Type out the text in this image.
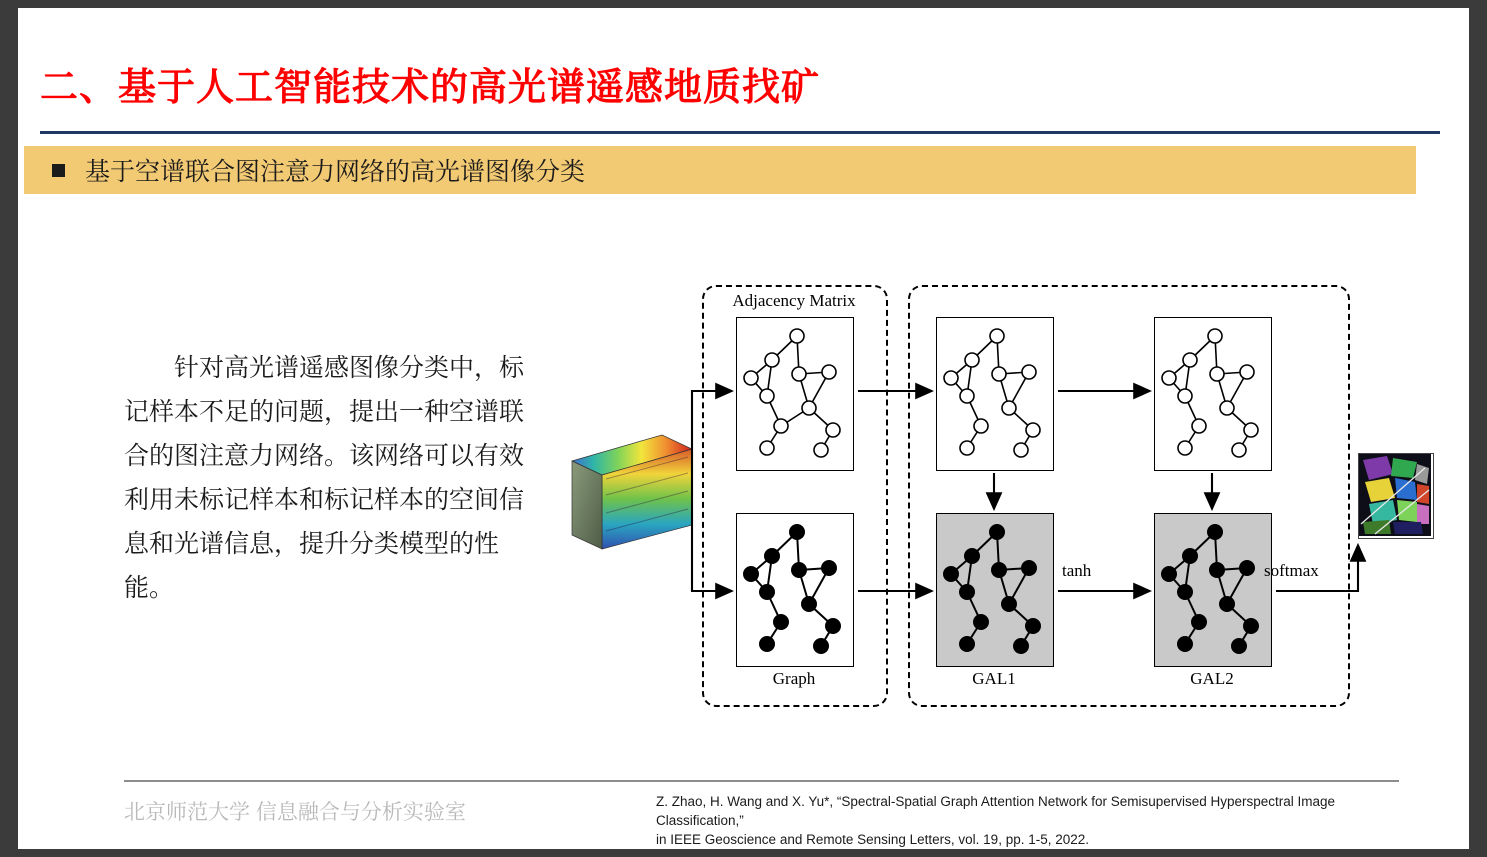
二、基于人工智能技术的高光谱遥感地质找矿
基于空谱联合图注意力网络的高光谱图像分类
针对高光谱遥感图像分类中，标记样本不足的问题，提出一种空谱联合的图注意力网络。该网络可以有效利用未标记样本和标记样本的空间信息和光谱信息，提升分类模型的性能。
Adjacency Matrix
Graph	GAL1	GAL2
tanh	softmax
北京师范大学 信息融合与分析实验室	Z. Zhao, H. Wang and X. Yu*, “Spectral-Spatial Graph Attention Network for Semisupervised Hyperspectral Image Classification,”
in IEEE Geoscience and Remote Sensing Letters, vol. 19, pp. 1-5, 2022.
